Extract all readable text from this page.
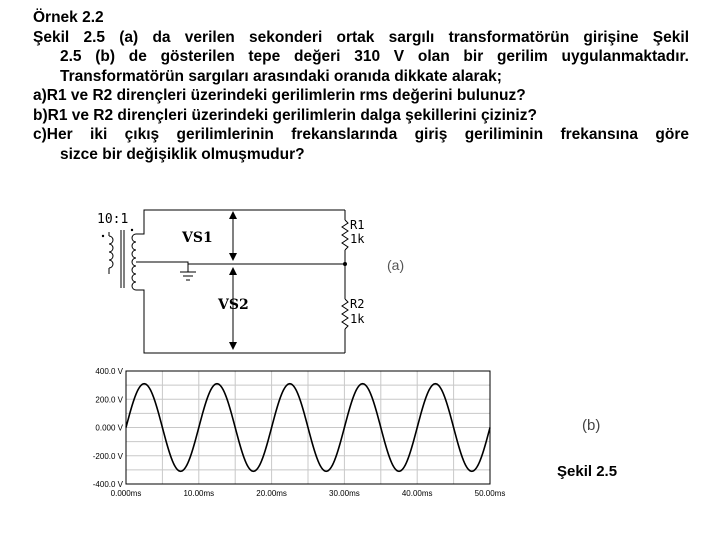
Örnek 2.2

Şekil 2.5 (a) da verilen sekonderi ortak sargılı transformatörün girişine Şekil

2.5 (b) de gösterilen tepe değeri 310 V olan bir gerilim uygulanmaktadır.

Transformatörün sargıları arasındaki oranıda dikkate alarak;

a)R1 ve R2 dirençleri üzerindeki gerilimlerin rms değerini bulunuz?

b)R1 ve R2 dirençleri üzerindeki gerilimlerin dalga şekillerini çiziniz?

c)Her iki çıkış gerilimlerinin frekanslarında giriş geriliminin frekansına göre

sizce bir değişiklik olmuşmudur?

10:1
VS1
VS2
R1
1k
R2
1k
(a)
(b)
Şekil 2.5
400.0 V
200.0 V
0.000 V
-200.0 V
-400.0 V
0.000ms	10.00ms	20.00ms	30.00ms	40.00ms	50.00ms
